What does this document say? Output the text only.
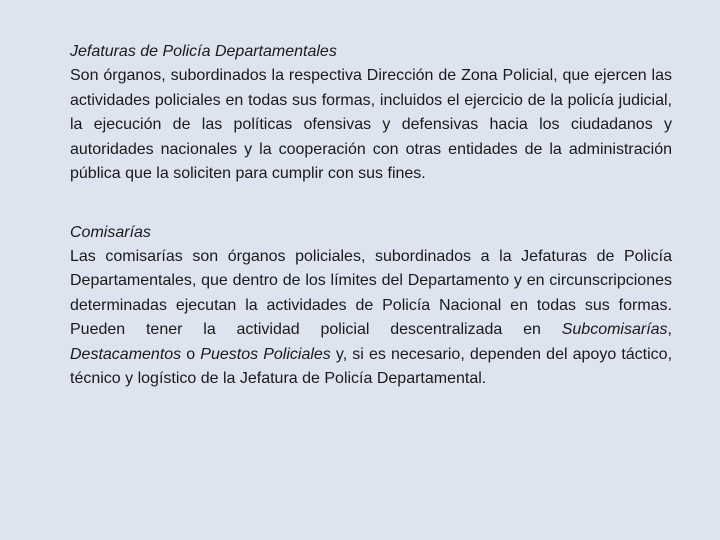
Jefaturas de Policía Departamentales

Son órganos, subordinados la respectiva Dirección de Zona Policial, que ejercen las actividades policiales en todas sus formas, incluidos el ejercicio de la policía judicial, la ejecución de las políticas ofensivas y defensivas hacia los ciudadanos y autoridades nacionales y la cooperación con otras entidades de la administración pública que la soliciten para cumplir con sus fines.

Comisarías

Las comisarías son órganos policiales, subordinados a la Jefaturas de Policía Departamentales, que dentro de los límites del Departamento y en circunscripciones determinadas ejecutan la actividades de Policía Nacional en todas sus formas. Pueden tener la actividad policial descentralizada en Subcomisarías, Destacamentos o Puestos Policiales y, si es necesario, dependen del apoyo táctico, técnico y logístico de la Jefatura de Policía Departamental.
